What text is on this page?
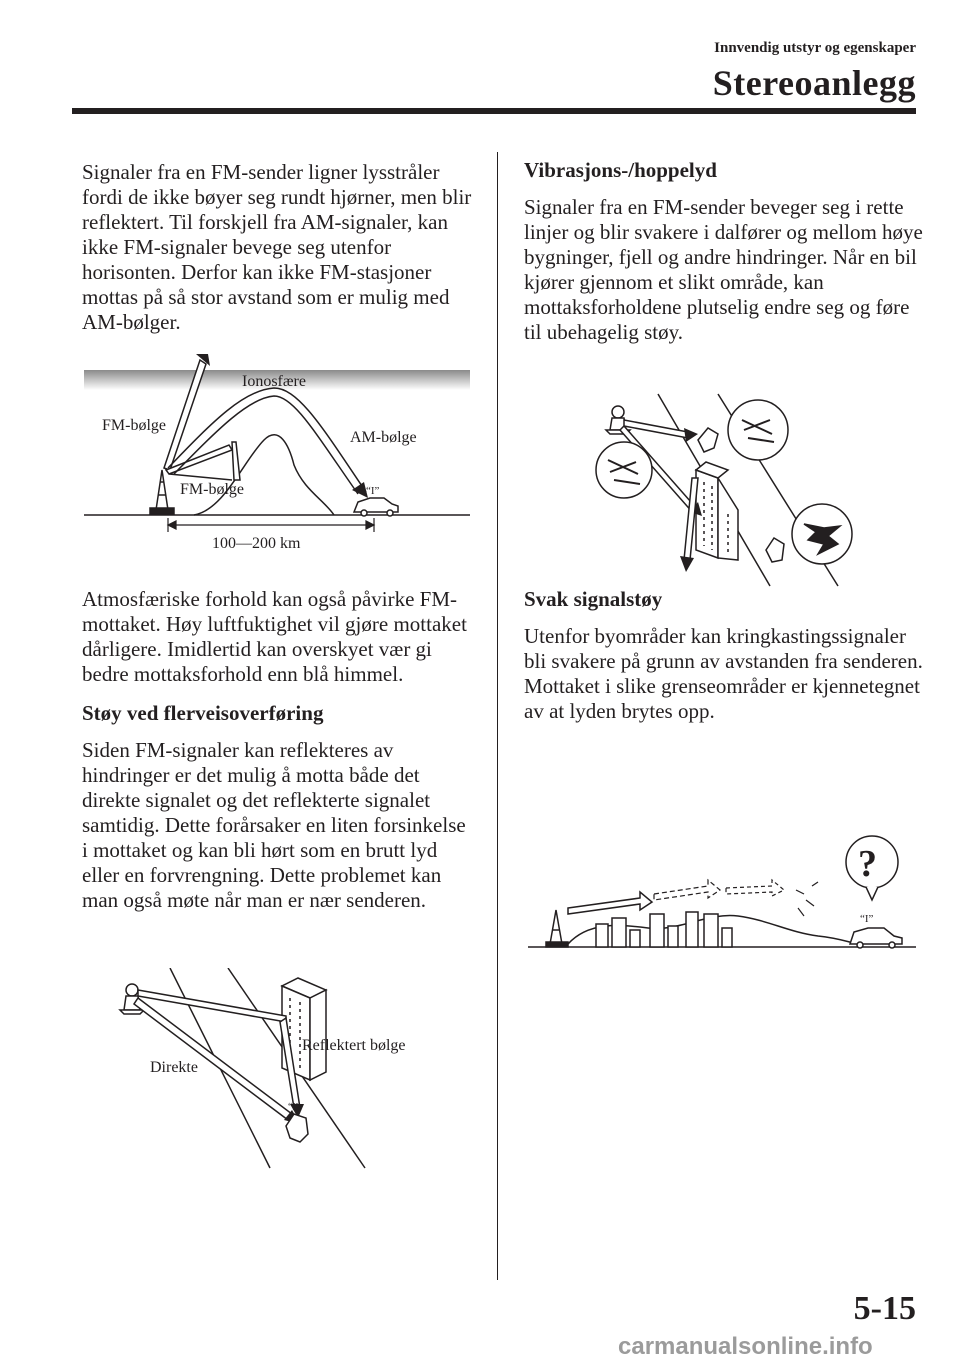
Innvendig utstyr og egenskaper
Stereoanlegg

Signaler fra en FM-sender ligner lysstråler fordi de ikke bøyer seg rundt hjørner, men blir reflektert. Til forskjell fra AM-signaler, kan ikke FM-signaler bevege seg utenfor horisonten. Derfor kan ikke FM-stasjoner mottas på så stor avstand som er mulig med AM-bølger.

Atmosfæriske forhold kan også påvirke FM-mottaket. Høy luftfuktighet vil gjøre mottaket dårligere. Imidlertid kan overskyet vær gi bedre mottaksforhold enn blå himmel.

Støy ved flerveisoverføring

Siden FM-signaler kan reflekteres av hindringer er det mulig å motta både det direkte signalet og det reflekterte signalet samtidig. Dette forårsaker en liten forsinkelse i mottaket og kan bli hørt som en brutt lyd eller en forvrengning. Dette problemet kan man også møte når man er nær senderen.

Ionosfære
“I”
100—200 km
FM-bølge
FM-bølge
AM-bølge
“I”
Direkte
Reflektert bølge
Vibrasjons-/hoppelyd

Signaler fra en FM-sender beveger seg i rette linjer og blir svakere i dalfører og mellom høye bygninger, fjell og andre hindringer. Når en bil kjører gjennom et slikt område, kan mottaksforholdene plutselig endre seg og føre til ubehagelig støy.

Svak signalstøy

Utenfor byområder kan kringkastingssignaler bli svakere på grunn av avstanden fra senderen. Mottaket i slike grenseområder er kjennetegnet av at lyden brytes opp.

?
“I”
5-15
carmanualsonline.info
